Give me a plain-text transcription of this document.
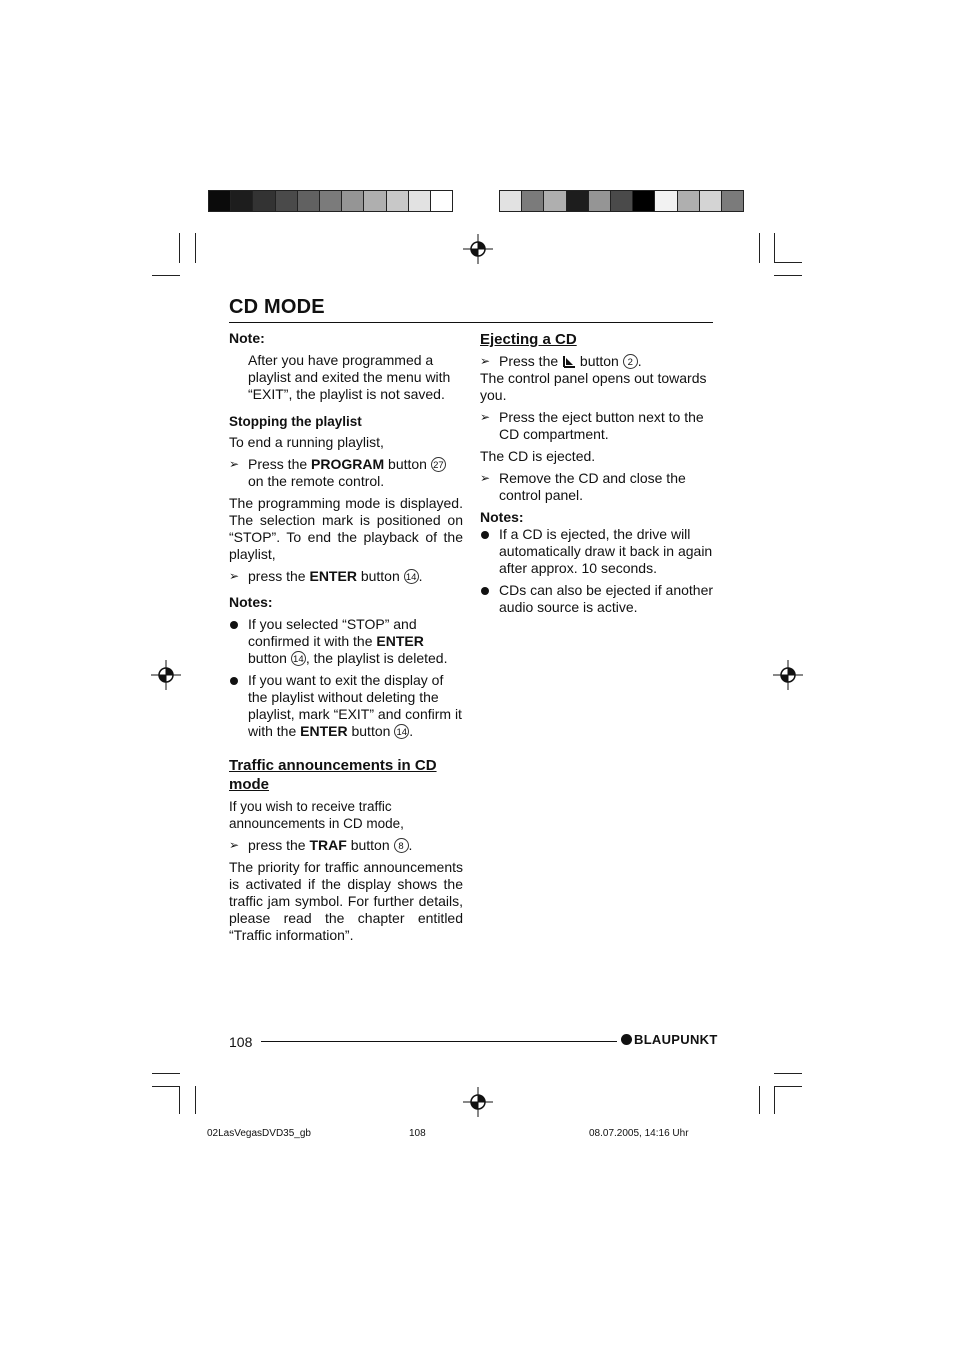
CD MODE

Note:

After you have programmed a playlist and exited the menu with “EXIT”, the playlist is not saved.

Stopping the playlist

To end a running playlist,

➢ Press the PROGRAM button 27 on the remote control.

The programming mode is displayed. The selection mark is positioned on “STOP”. To end the playback of the playlist,

➢ press the ENTER button 14 .

Notes:

If you selected “STOP” and confirmed it with the ENTER button 14 , the playlist is deleted.
If you want to exit the display of the playlist without deleting the playlist, mark “EXIT” and confirm it with the ENTER button 14 .

Traffic announcements in CD mode

If you wish to receive traffic announcements in CD mode,

➢ press the TRAF button 8 .

The priority for traffic announcements is activated if the display shows the traffic jam symbol. For further details, please read the chapter entitled “Traffic information”.

Ejecting a CD

➢ Press the  button 2 .

The control panel opens out towards you.

➢ Press the eject button next to the CD compartment.

The CD is ejected.

➢ Remove the CD and close the control panel.

Notes:

If a CD is ejected, the drive will automatically draw it back in again after approx. 10 seconds.
CDs can also be ejected if another audio source is active.
108	BLAUPUNKT
02LasVegasDVD35_gb	108	08.07.2005, 14:16 Uhr
